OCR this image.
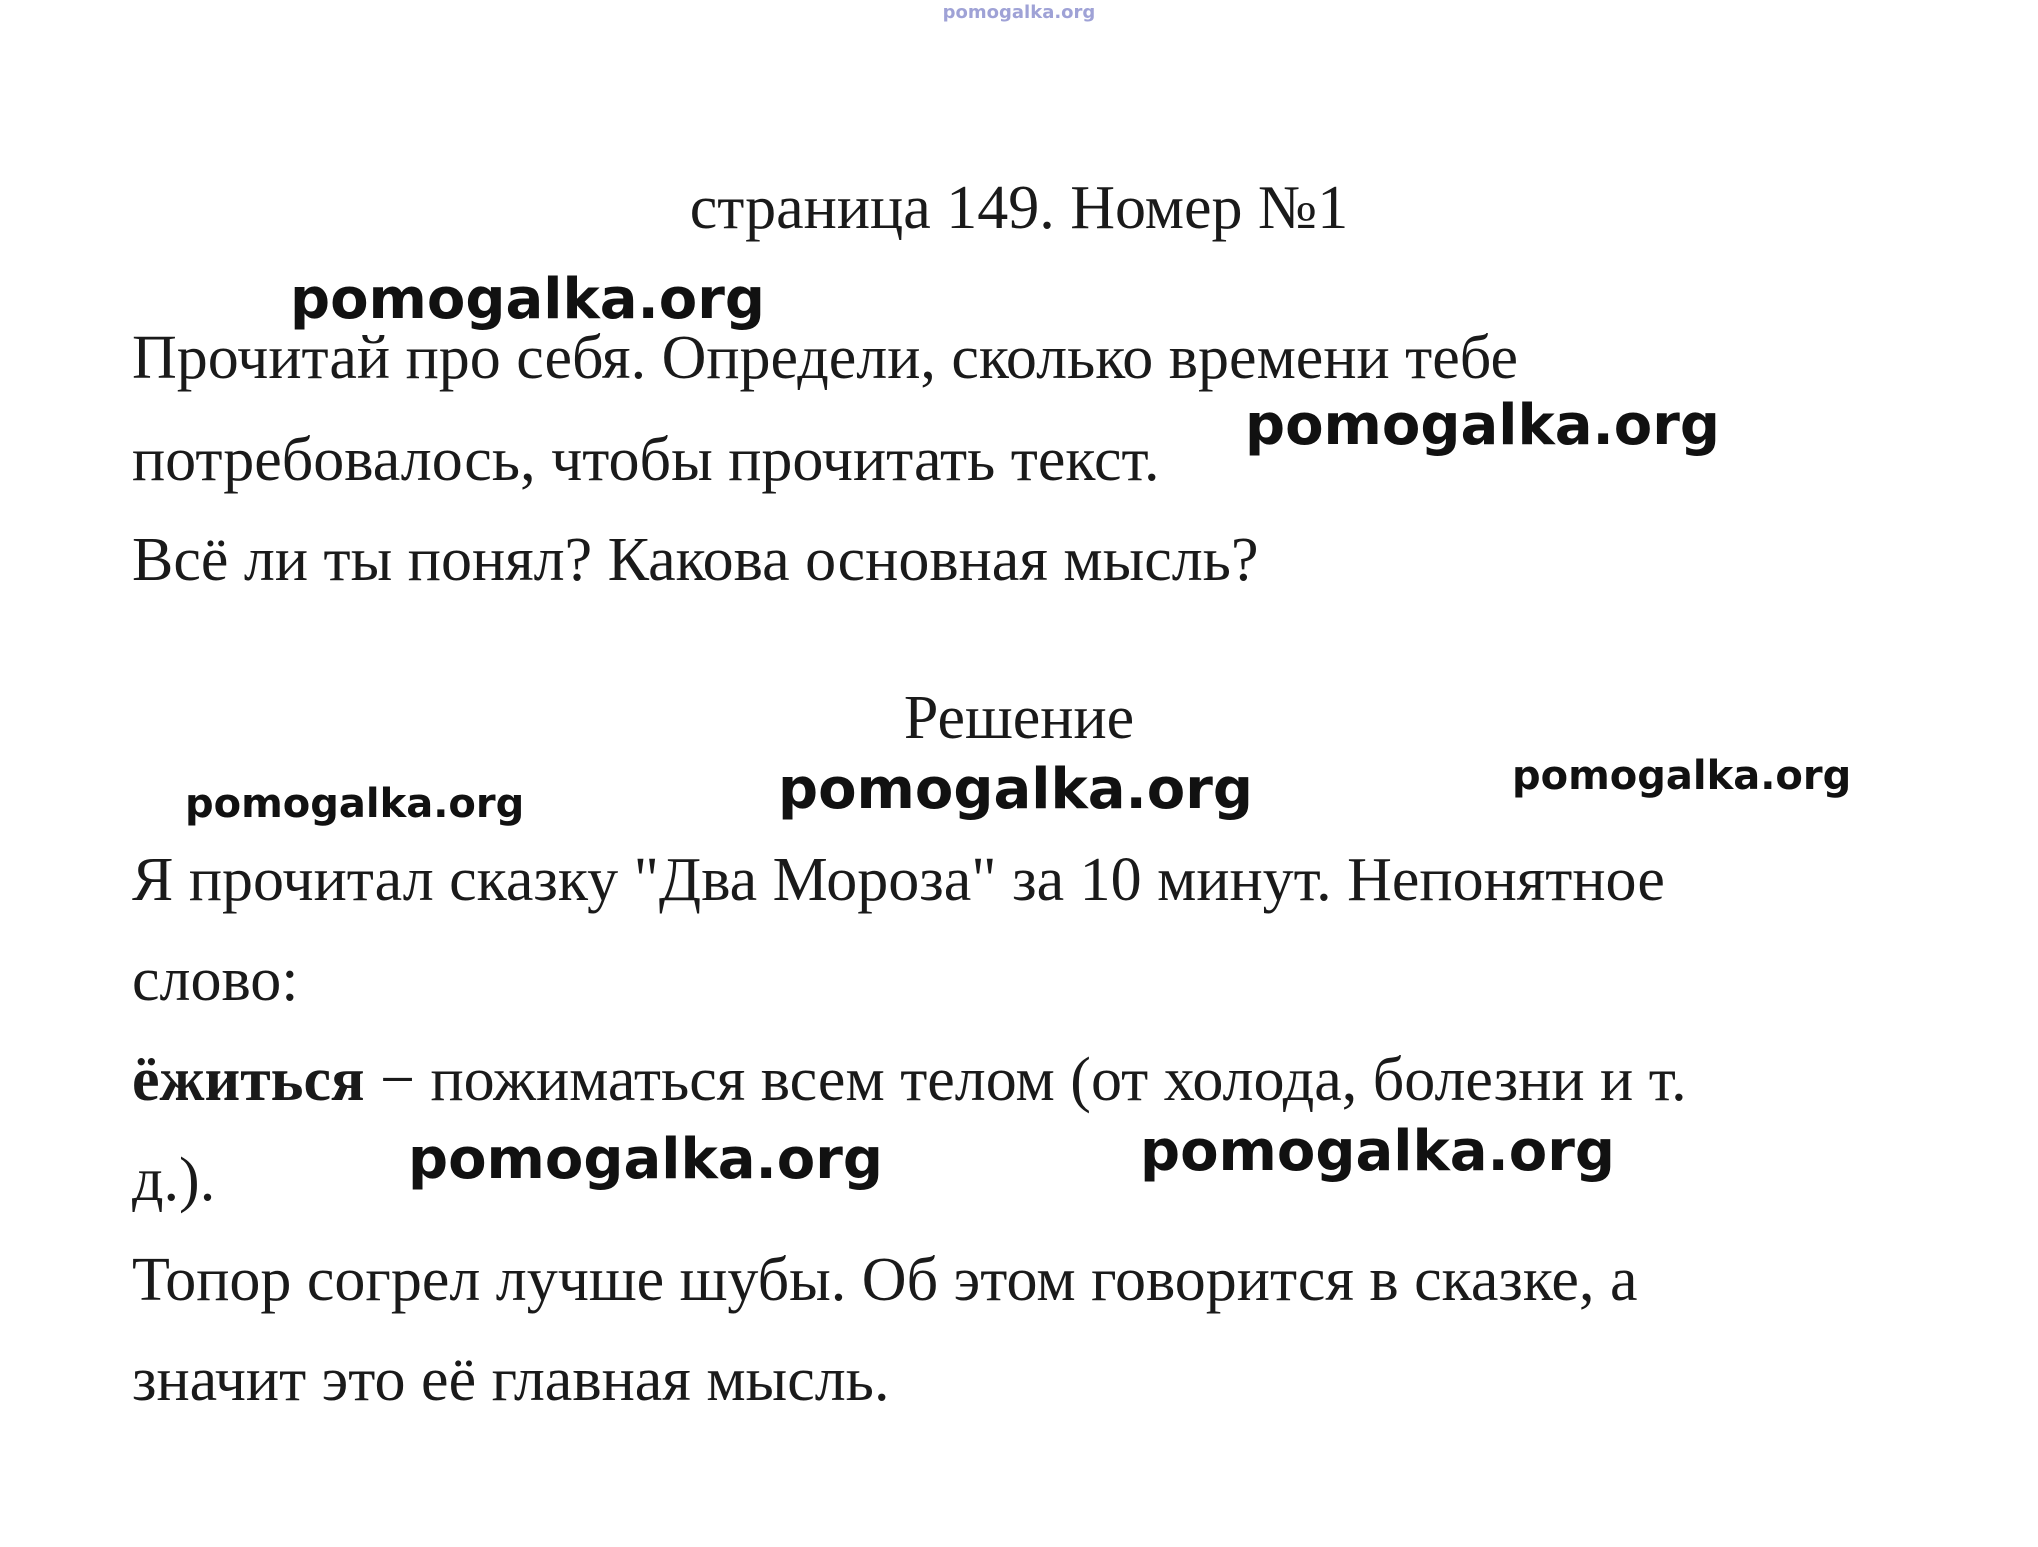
pomogalka.org
страница 149. Номер №1

Прочитай про себя. Определи, сколько времени тебе

потребовалось, чтобы прочитать текст.

Всё ли ты понял? Какова основная мысль?

Решение

Я прочитал сказку "Два Мороза" за 10 минут. Непонятное

слово:

ёжиться − пожиматься всем телом (от холода, болезни и т.

д.).

Топор согрел лучше шубы. Об этом говорится в сказке, а

значит это её главная мысль.

pomogalka.org
pomogalka.org
pomogalka.org	pomogalka.org	pomogalka.org
pomogalka.org	pomogalka.org
